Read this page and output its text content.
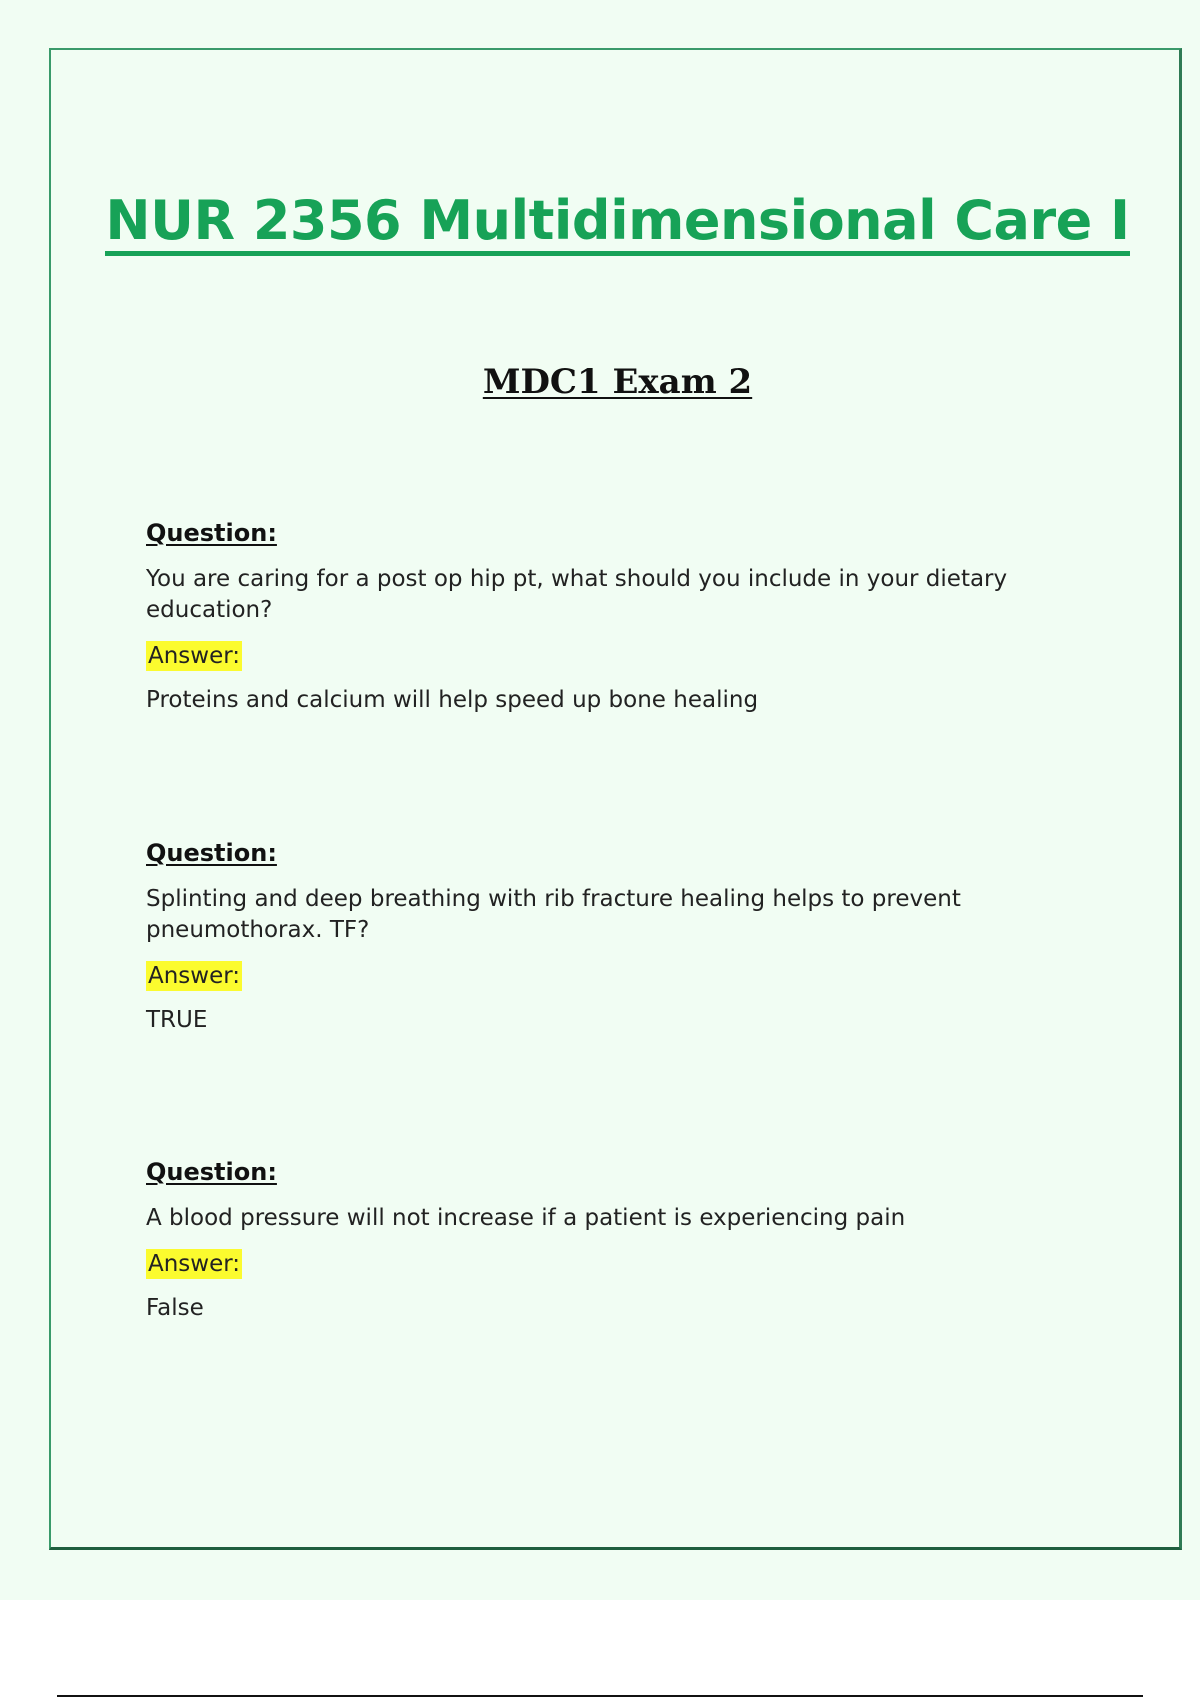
NUR 2356 Multidimensional Care I
MDC1 Exam 2
Question:
You are caring for a post op hip pt, what should you include in your dietary education?
Answer:
Proteins and calcium will help speed up bone healing
Question:
Splinting and deep breathing with rib fracture healing helps to prevent pneumothorax. TF?
Answer:
TRUE
Question:
A blood pressure will not increase if a patient is experiencing pain
Answer:
False
